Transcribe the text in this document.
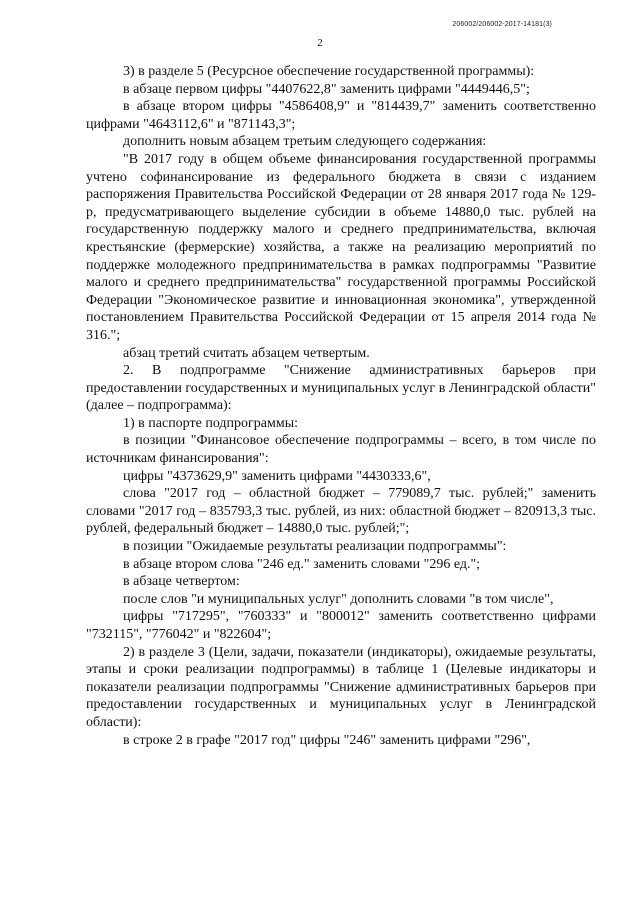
206002/206002-2017-14181(3)
2

3) в разделе 5 (Ресурсное обеспечение государственной программы):

в абзаце первом цифры "4407622,8" заменить цифрами "4449446,5";

в абзаце втором цифры "4586408,9" и "814439,7" заменить соответственно цифрами "4643112,6" и "871143,3";

дополнить новым абзацем третьим следующего содержания:

"В 2017 году в общем объеме финансирования государственной программы учтено софинансирование из федерального бюджета в связи с изданием распоряжения Правительства Российской Федерации от 28 января 2017 года № 129-р, предусматривающего выделение субсидии в объеме 14880,0 тыс. рублей на государственную поддержку малого и среднего предпринимательства, включая крестьянские (фермерские) хозяйства, а также на реализацию мероприятий по поддержке молодежного предпринимательства в рамках подпрограммы "Развитие малого и среднего предпринимательства" государственной программы Российской Федерации "Экономическое развитие и инновационная экономика", утвержденной постановлением Правительства Российской Федерации от 15 апреля 2014 года № 316.";

абзац третий считать абзацем четвертым.

2. В подпрограмме "Снижение административных барьеров при предоставлении государственных и муниципальных услуг в Ленинградской области" (далее – подпрограмма):

1) в паспорте подпрограммы:

в позиции "Финансовое обеспечение подпрограммы – всего, в том числе по источникам финансирования":

цифры "4373629,9" заменить цифрами "4430333,6",

слова "2017 год – областной бюджет – 779089,7 тыс. рублей;" заменить словами "2017 год – 835793,3 тыс. рублей, из них: областной бюджет – 820913,3 тыс. рублей, федеральный бюджет – 14880,0 тыс. рублей;";

в позиции "Ожидаемые результаты реализации подпрограммы":

в абзаце втором слова "246 ед." заменить словами "296 ед.";

в абзаце четвертом:

после слов "и муниципальных услуг" дополнить словами "в том числе",

цифры "717295", "760333" и "800012" заменить соответственно цифрами "732115", "776042" и "822604";

2) в разделе 3 (Цели, задачи, показатели (индикаторы), ожидаемые результаты, этапы и сроки реализации подпрограммы) в таблице 1 (Целевые индикаторы и показатели реализации подпрограммы "Снижение административных барьеров при предоставлении государственных и муниципальных услуг в Ленинградской области):

в строке 2 в графе "2017 год" цифры "246" заменить цифрами "296",
